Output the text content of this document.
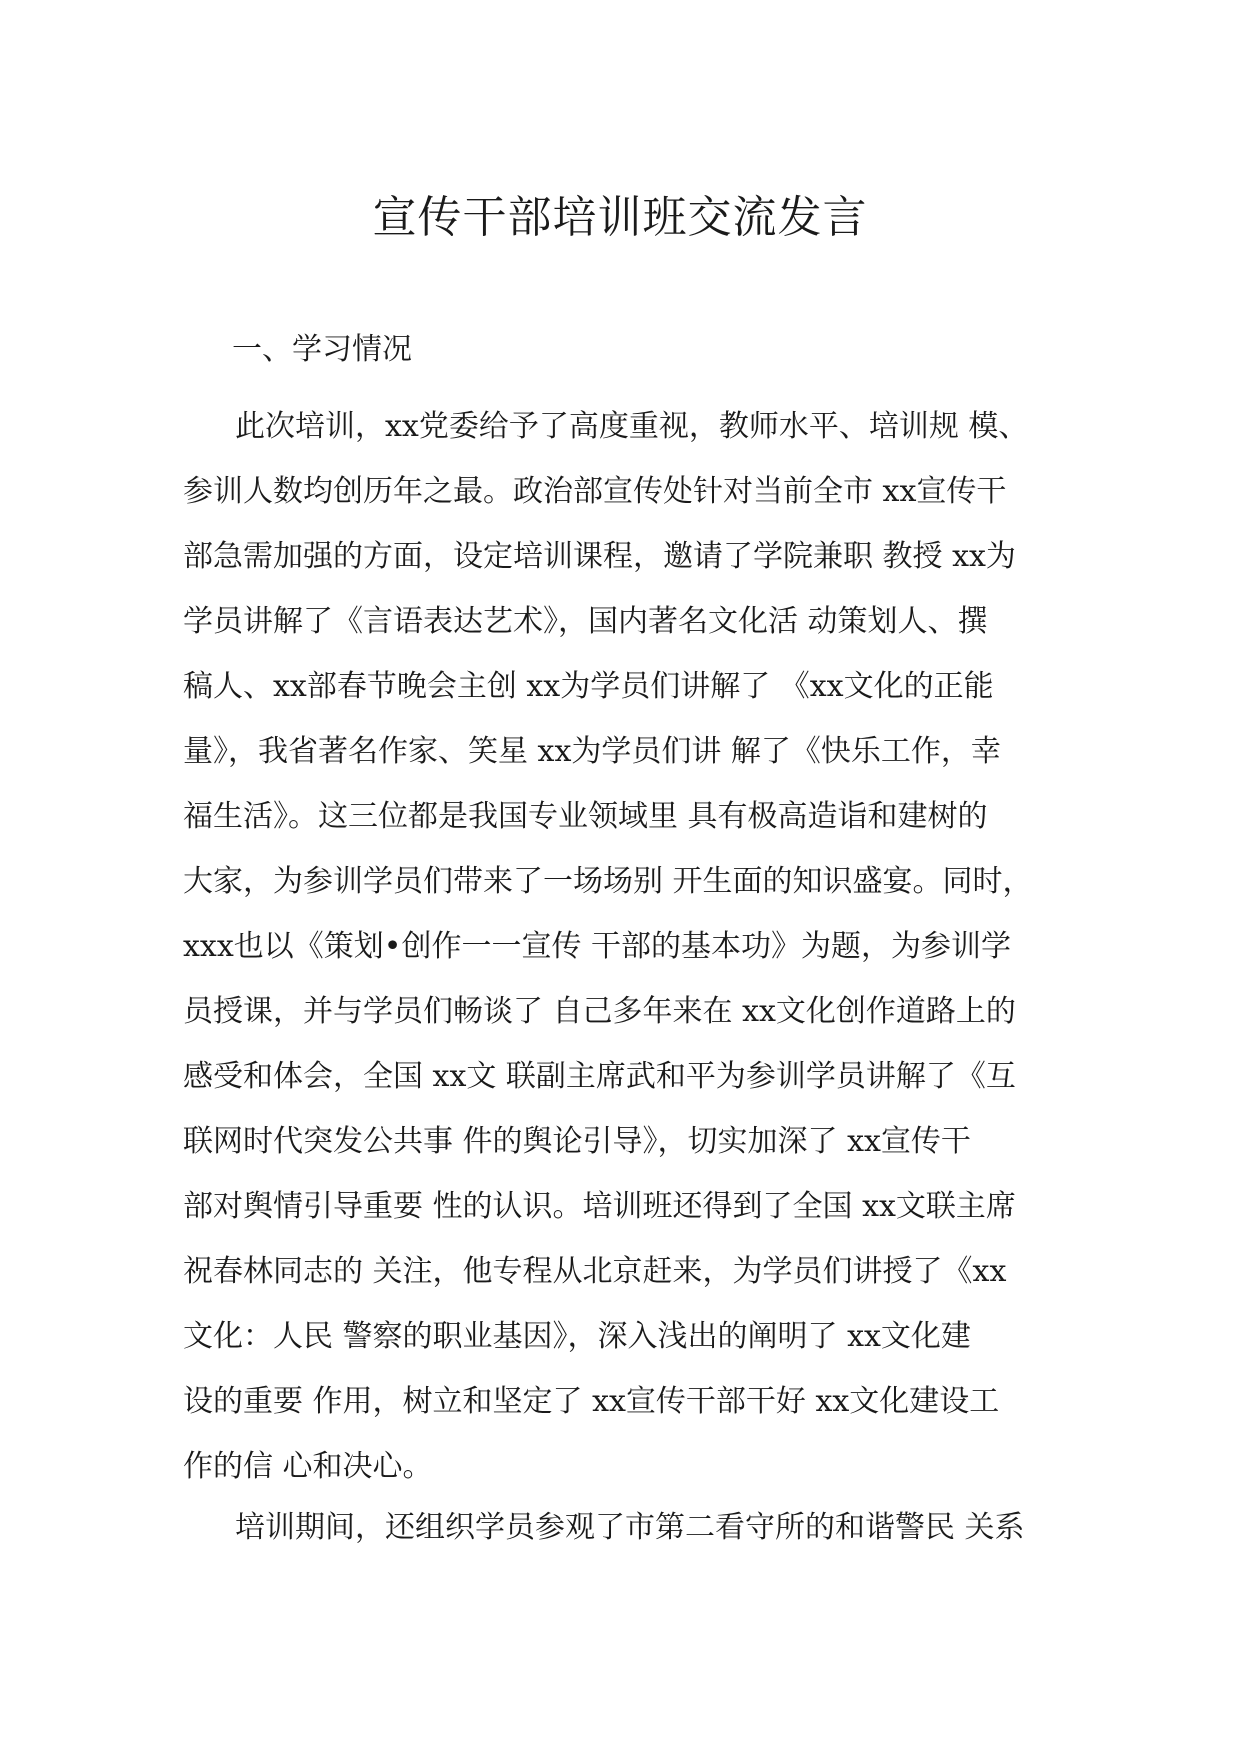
宣传干部培训班交流发言
一、学习情况
此次培训，xx党委给予了高度重视，教师水平、培训规 模、
参训人数均创历年之最。政治部宣传处针对当前全市 xx宣传干
部急需加强的方面，设定培训课程，邀请了学院兼职 教授 xx为
学员讲解了《言语表达艺术》，国内著名文化活 动策划人、撰
稿人、xx部春节晚会主创 xx为学员们讲解了 《xx文化的正能
量》，我省著名作家、笑星 xx为学员们讲 解了《快乐工作，幸
福生活》。这三位都是我国专业领域里 具有极高造诣和建树的
大家，为参训学员们带来了一场场别 开生面的知识盛宴。同时，
xxx也以《策划•创作一一宣传 干部的基本功》为题，为参训学
员授课，并与学员们畅谈了 自己多年来在 xx文化创作道路上的
感受和体会，全国 xx文 联副主席武和平为参训学员讲解了《互
联网时代突发公共事 件的舆论引导》，切实加深了 xx宣传干
部对舆情引导重要 性的认识。培训班还得到了全国 xx文联主席
祝春林同志的 关注，他专程从北京赶来，为学员们讲授了《xx
文化：人民 警察的职业基因》，深入浅出的阐明了 xx文化建
设的重要 作用，树立和坚定了 xx宣传干部干好 xx文化建设工
作的信 心和决心。
培训期间，还组织学员参观了市第二看守所的和谐警民 关系
